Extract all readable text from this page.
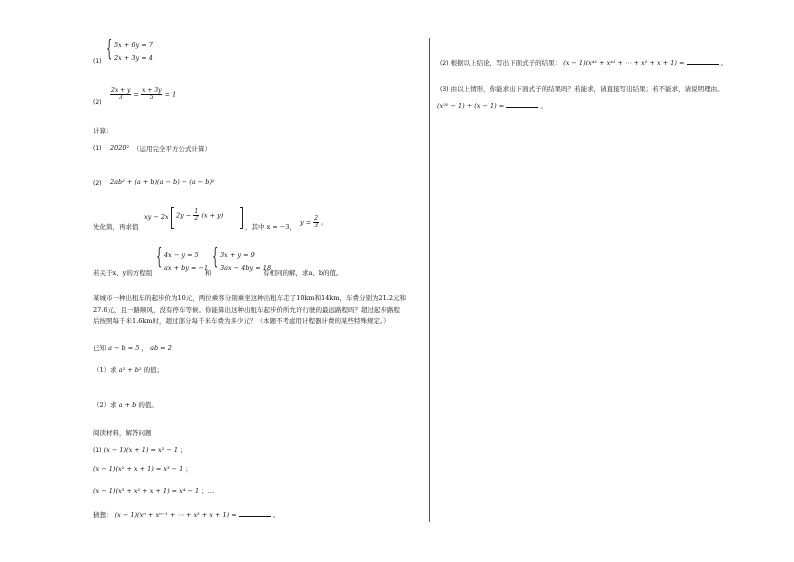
(1) { 5x + 6y = 7
2x + 3y = 4
(2)
$\frac{2x + y}{3} = \frac{x + 3y}{5} = 1$
计算：
(1) 2020² （运用完全平方公式计算）
(2) 2ab² + (a + b)(a − b) − (a − b)²
先化简，再求值
xy − 2x $2y - \frac{1}{2} (x + y)$
，其中 x = −3，
$y = \frac{2}{3}$ 。
若关于x、y的方程组
{ 4x − y = 5
ax + by = −1
和
{ 3x + y = 9
3ax − 4by = 18
有相同的解，求a、b的值。
某城市一种出租车的起步价为10元，两位乘客分别乘坐这种出租车走了10km和14km，车费分别为21.2元和
27.6元，且一路顺风，没有停车等候。你能算出这种出租车起步价所允许行驶的最远路程吗？超过起步路程
后按照每千米1.6km时，超过部分每千米车费为多少元？（本题不考虑用计程器计费的某些特殊规定。）
已知 a − b = 5 ， ab = 2
（1）求 a² + b² 的值；
（2）求 a + b 的值。
阅读材料，解答问题
(1) (x − 1)(x + 1) = x² − 1 ；
(x − 1)(x² + x + 1) = x³ − 1 ；
(x − 1)(x³ + x² + x + 1) = x⁴ − 1 ；…
猜想： (x − 1)(xⁿ + xⁿ⁻¹ + ⋯ + x² + x + 1) =	。
(2) 根据以上结论，写出下面式子的结果： (x − 1)(x⁴² + x⁴¹ + ⋯ + x² + x + 1) =	。
(3) 由以上情形，你能求出下面式子的结果吗？若能求，请直接写出结果；若不能求，请说明理由。
(x²⁰ − 1) ÷ (x − 1) =	。
